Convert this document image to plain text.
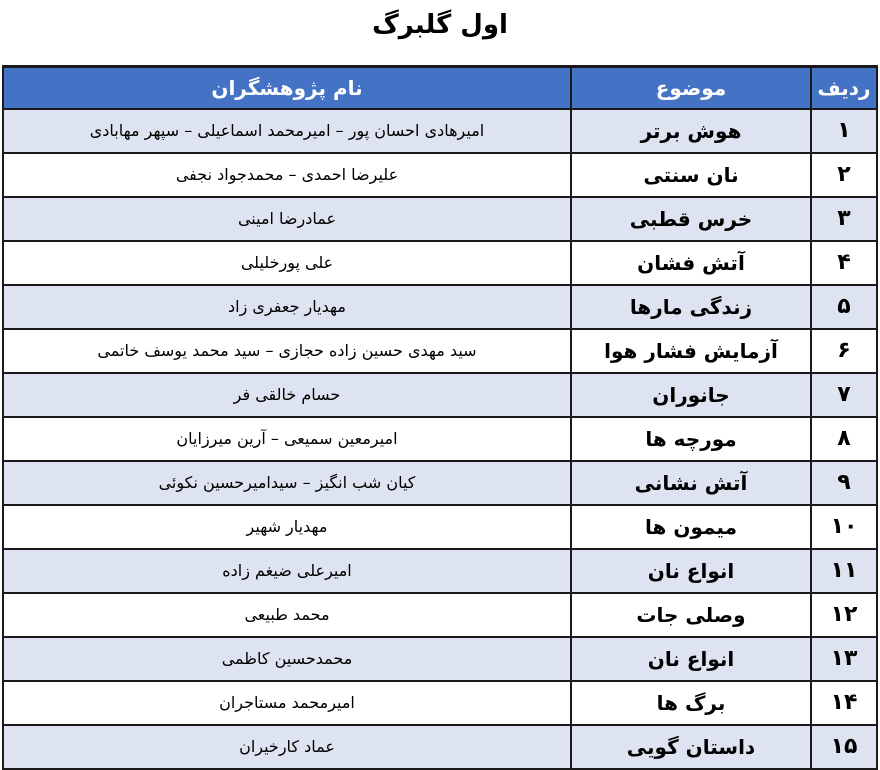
اول گلبرگ
ردیف	موضوع	نام پژوهشگران
۱	هوش برتر	امیرهادی احسان پور – امیرمحمد اسماعیلی – سپهر مهابادی
۲	نان سنتی	علیرضا احمدی – محمدجواد نجفی
۳	خرس قطبی	عمادرضا امینی
۴	آتش فشان	علی پورخلیلی
۵	زندگی مارها	مهدیار جعفری زاد
۶	آزمایش فشار هوا	سید مهدی حسین زاده حجازی – سید محمد یوسف خاتمی
۷	جانوران	حسام خالقی فر
۸	مورچه ها	امیرمعین سمیعی – آرین میرزایان
۹	آتش نشانی	کیان شب انگیز – سیدامیرحسین نکوئی
۱۰	میمون ها	مهدیار شهیر
۱۱	انواع نان	امیرعلی ضیغم زاده
۱۲	وصلی جات	محمد طبیعی
۱۳	انواع نان	محمدحسین کاظمی
۱۴	برگ ها	امیرمحمد مستاجران
۱۵	داستان گویی	عماد کارخیران
